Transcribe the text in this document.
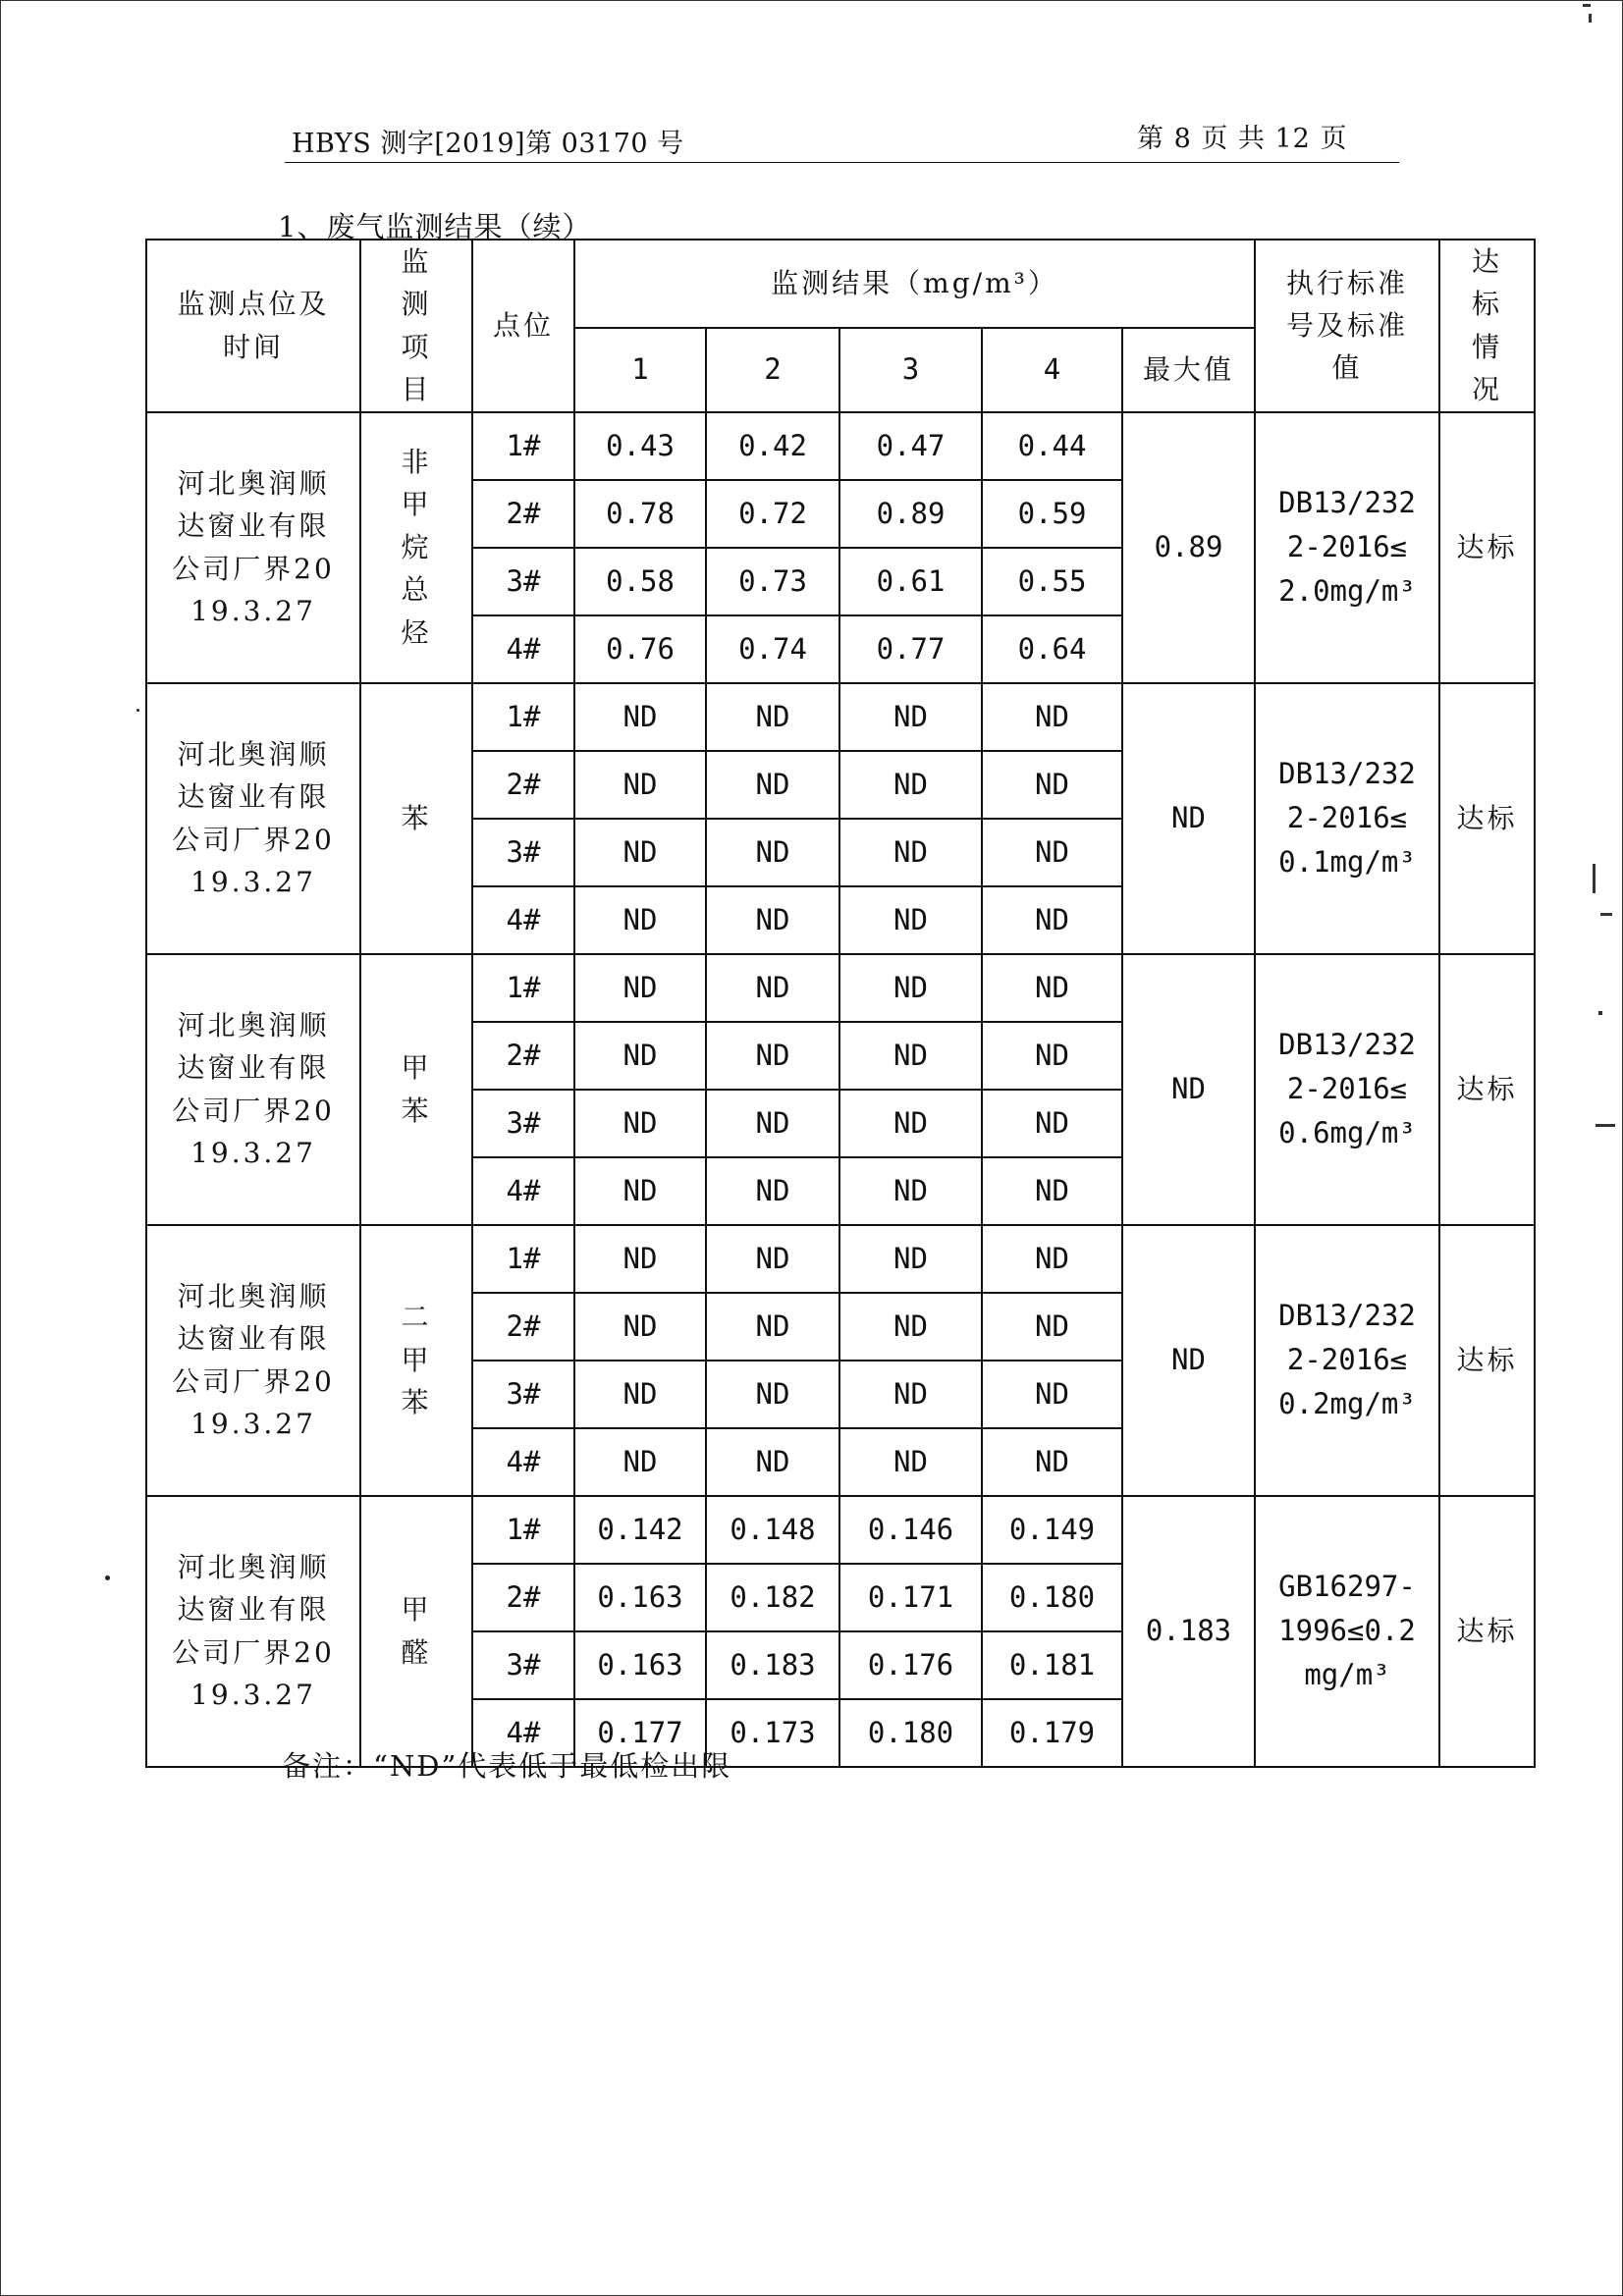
HBYS 测字[2019]第 03170 号	第 8 页 共 12 页
1、废气监测结果（续）
监测点位及时间	监测项目	点位	监测结果（mg/m³）					执行标准号及标准值	达标情况
			1	2	3	4	最大值		
河北奥润顺达窗业有限公司厂界2019.3.27	非甲烷总烃	1#	0.43	0.42	0.47	0.44	0.89	DB13/2322-2016≤2.0mg/m³	达标
		2#	0.78	0.72	0.89	0.59			
		3#	0.58	0.73	0.61	0.55			
		4#	0.76	0.74	0.77	0.64			
河北奥润顺达窗业有限公司厂界2019.3.27	苯	1#	ND	ND	ND	ND	ND	DB13/2322-2016≤0.1mg/m³	达标
		2#	ND	ND	ND	ND			
		3#	ND	ND	ND	ND			
		4#	ND	ND	ND	ND			
河北奥润顺达窗业有限公司厂界2019.3.27	甲苯	1#	ND	ND	ND	ND	ND	DB13/2322-2016≤0.6mg/m³	达标
		2#	ND	ND	ND	ND			
		3#	ND	ND	ND	ND			
		4#	ND	ND	ND	ND			
河北奥润顺达窗业有限公司厂界2019.3.27	二甲苯	1#	ND	ND	ND	ND	ND	DB13/2322-2016≤0.2mg/m³	达标
		2#	ND	ND	ND	ND			
		3#	ND	ND	ND	ND			
		4#	ND	ND	ND	ND			
河北奥润顺达窗业有限公司厂界2019.3.27	甲醛	1#	0.142	0.148	0.146	0.149	0.183	GB16297-1996≤0.2mg/m³	达标
		2#	0.163	0.182	0.171	0.180			
		3#	0.163	0.183	0.176	0.181			
		4#	0.177	0.173	0.180	0.179			
备注：“ND”代表低于最低检出限
